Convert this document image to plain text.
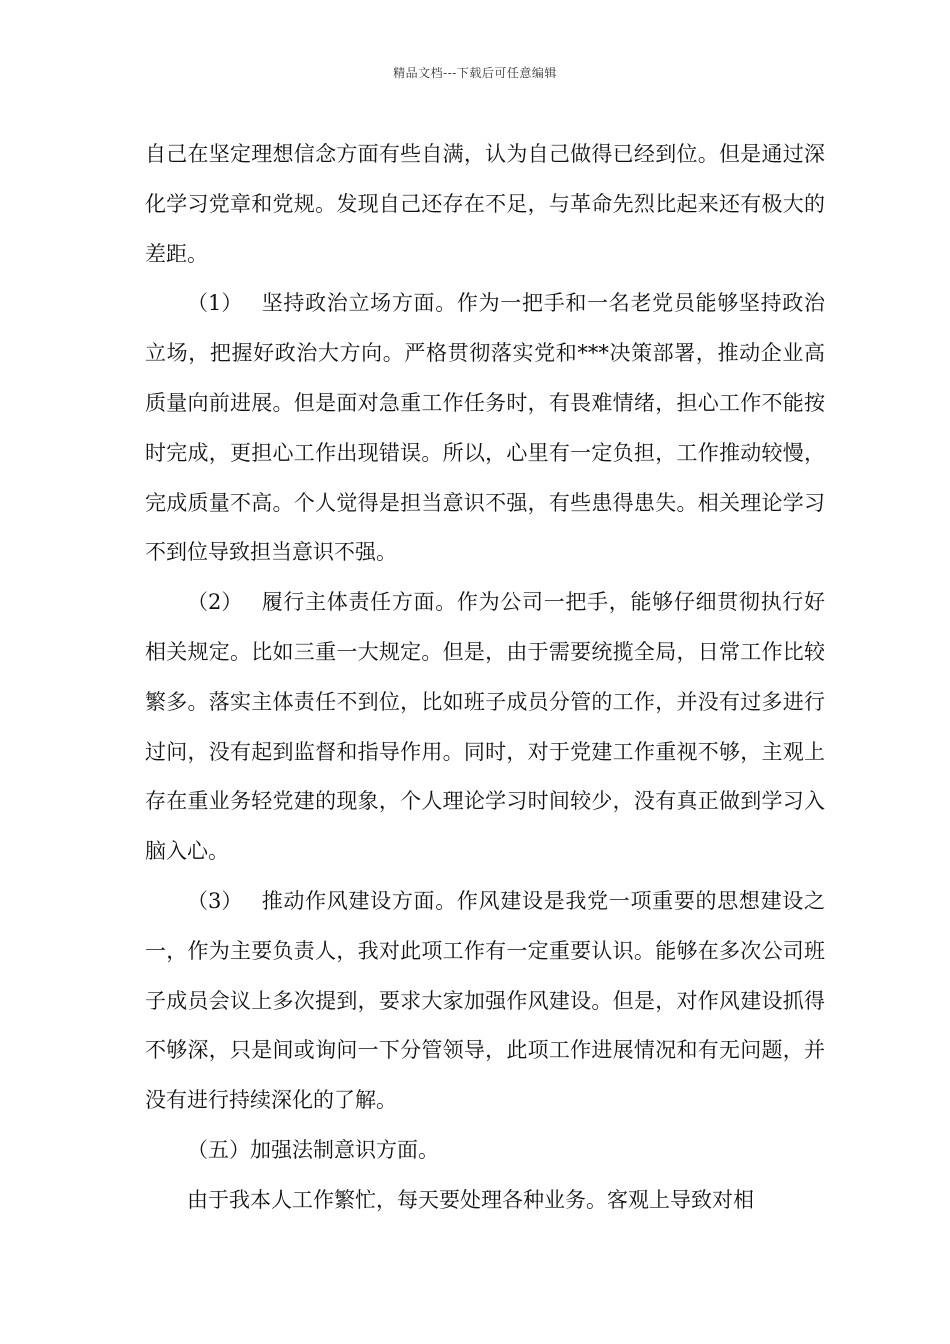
精品文档---下载后可任意编辑

自己在坚定理想信念方面有些自满，认为自己做得已经到位。但是通过深化学习党章和党规。发现自己还存在不足，与革命先烈比起来还有极大的差距。

（1） 坚持政治立场方面。作为一把手和一名老党员能够坚持政治立场，把握好政治大方向。严格贯彻落实党和***决策部署，推动企业高质量向前进展。但是面对急重工作任务时，有畏难情绪，担心工作不能按时完成，更担心工作出现错误。所以，心里有一定负担，工作推动较慢，完成质量不高。个人觉得是担当意识不强，有些患得患失。相关理论学习不到位导致担当意识不强。

（2） 履行主体责任方面。作为公司一把手，能够仔细贯彻执行好相关规定。比如三重一大规定。但是，由于需要统揽全局，日常工作比较繁多。落实主体责任不到位，比如班子成员分管的工作，并没有过多进行过问，没有起到监督和指导作用。同时，对于党建工作重视不够，主观上存在重业务轻党建的现象，个人理论学习时间较少，没有真正做到学习入脑入心。

（3） 推动作风建设方面。作风建设是我党一项重要的思想建设之一，作为主要负责人，我对此项工作有一定重要认识。能够在多次公司班子成员会议上多次提到，要求大家加强作风建设。但是，对作风建设抓得不够深，只是间或询问一下分管领导，此项工作进展情况和有无问题，并没有进行持续深化的了解。

（五）加强法制意识方面。

由于我本人工作繁忙，每天要处理各种业务。客观上导致对相
